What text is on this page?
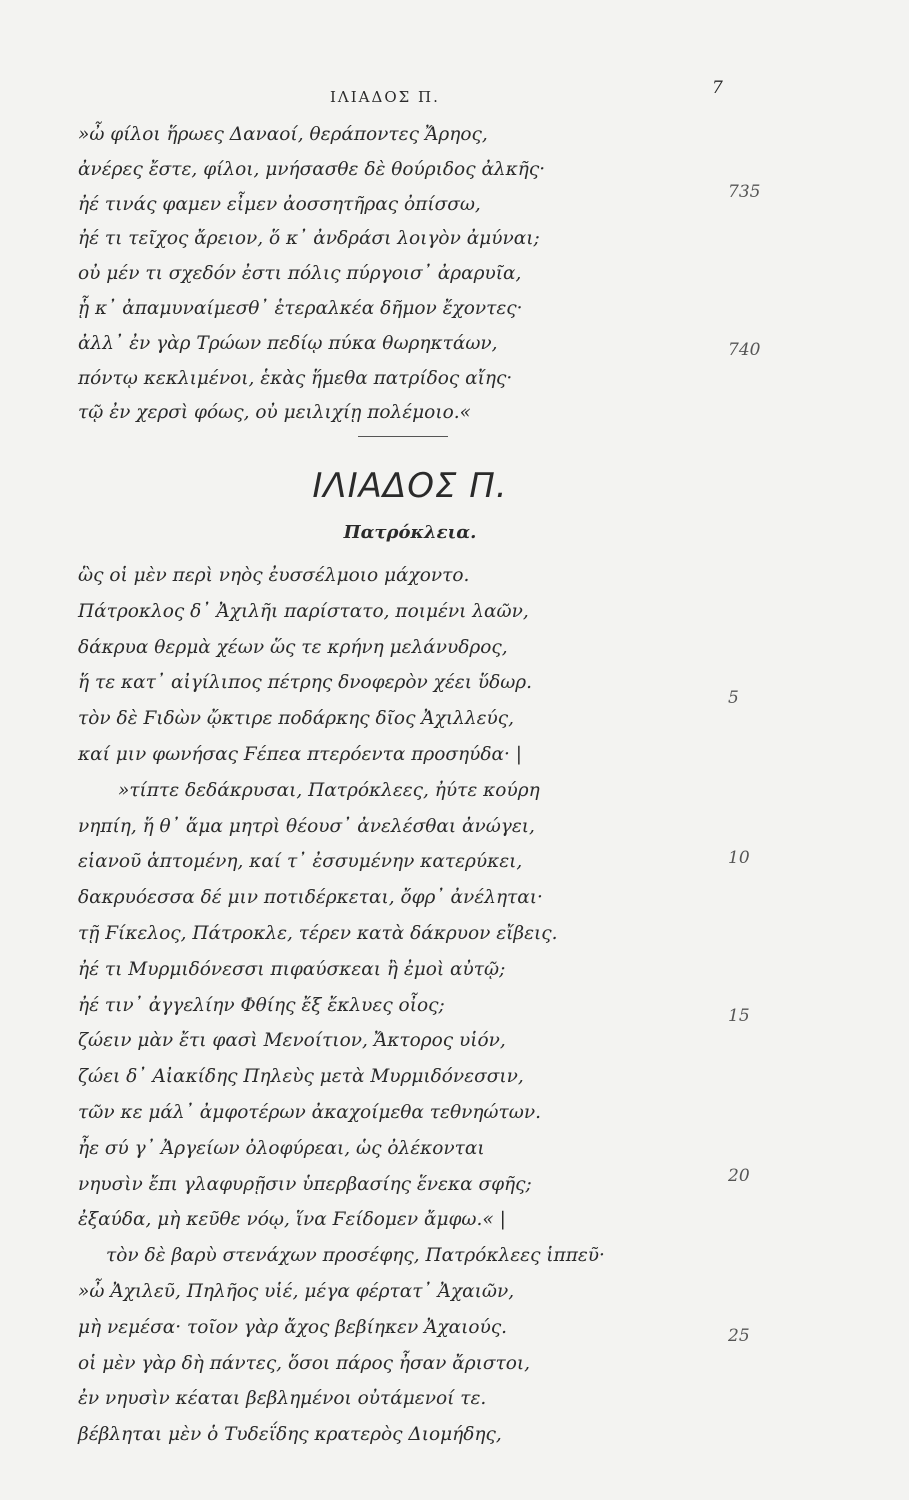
ΙΛΙΑΔΟΣ Π.	7
»ὦ φίλοι ἥρωες Δαναοί, θεράποντες Ἄρηος,
ἀνέρες ἔστε, φίλοι, μνήσασθε δὲ θούριδος ἀλκῆς·
ἠέ τινάς φαμεν εἶμεν ἀοσσητῆρας ὀπίσσω,
ἠέ τι τεῖχος ἄρειον, ὅ κ᾽ ἀνδράσι λοιγὸν ἀμύναι;
οὐ μέν τι σχεδόν ἐστι πόλις πύργοισ᾽ ἀραρυῖα,
ᾗ κ᾽ ἀπαμυναίμεσθ᾽ ἑτεραλκέα δῆμον ἔχοντες·
ἀλλ᾽ ἐν γὰρ Τρώων πεδίῳ πύκα θωρηκτάων,
πόντῳ κεκλιμένοι, ἑκὰς ἥμεθα πατρίδος αἴης·
τῷ ἐν χερσὶ φόως, οὐ μειλιχίῃ πολέμοιο.«
735
740
ΙΛΙΑΔΟΣ Π.
Πατρόκλεια.
ὣς οἱ μὲν περὶ νηὸς ἐυσσέλμοιο μάχοντο.
Πάτροκλος δ᾽ Ἀχιλῆι παρίστατο, ποιμένι λαῶν,
δάκρυα θερμὰ χέων ὥς τε κρήνη μελάνυδρος,
ἥ τε κατ᾽ αἰγίλιπος πέτρης δνοφερὸν χέει ὕδωρ.
τὸν δὲ Ϝιδὼν ᾤκτιρε ποδάρκης δῖος Ἀχιλλεύς,
καί μιν φωνήσας Ϝέπεα πτερόεντα προσηύδα· |
»τίπτε δεδάκρυσαι, Πατρόκλεες, ἠύτε κούρη
νηπίη, ἥ θ᾽ ἅμα μητρὶ θέουσ᾽ ἀνελέσθαι ἀνώγει,
εἱανοῦ ἁπτομένη, καί τ᾽ ἐσσυμένην κατερύκει,
δακρυόεσσα δέ μιν ποτιδέρκεται, ὄφρ᾽ ἀνέληται·
τῇ Ϝίκελος, Πάτροκλε, τέρεν κατὰ δάκρυον εἴβεις.
ἠέ τι Μυρμιδόνεσσι πιφαύσκεαι ἢ ἐμοὶ αὐτῷ;
ἠέ τιν᾽ ἀγγελίην Φθίης ἔξ ἔκλυες οἶος;
ζώειν μὰν ἔτι φασὶ Μενοίτιον, Ἄκτορος υἱόν,
ζώει δ᾽ Αἰακίδης Πηλεὺς μετὰ Μυρμιδόνεσσιν,
τῶν κε μάλ᾽ ἀμφοτέρων ἀκαχοίμεθα τεθνηώτων.
ἦε σύ γ᾽ Ἀργείων ὀλοφύρεαι, ὡς ὀλέκονται
νηυσὶν ἔπι γλαφυρῇσιν ὑπερβασίης ἕνεκα σφῆς;
ἐξαύδα, μὴ κεῦθε νόῳ, ἵνα Ϝείδομεν ἄμφω.« |
τὸν δὲ βαρὺ στενάχων προσέφης, Πατρόκλεες ἱππεῦ·
»ὦ Ἀχιλεῦ, Πηλῆος υἱέ, μέγα φέρτατ᾽ Ἀχαιῶν,
μὴ νεμέσα· τοῖον γὰρ ἄχος βεβίηκεν Ἀχαιούς.
οἱ μὲν γὰρ δὴ πάντες, ὅσοι πάρος ἦσαν ἄριστοι,
ἐν νηυσὶν κέαται βεβλημένοι οὐτάμενοί τε.
βέβληται μὲν ὁ Τυδεΐδης κρατερὸς Διομήδης,
5
10
15
20
25
